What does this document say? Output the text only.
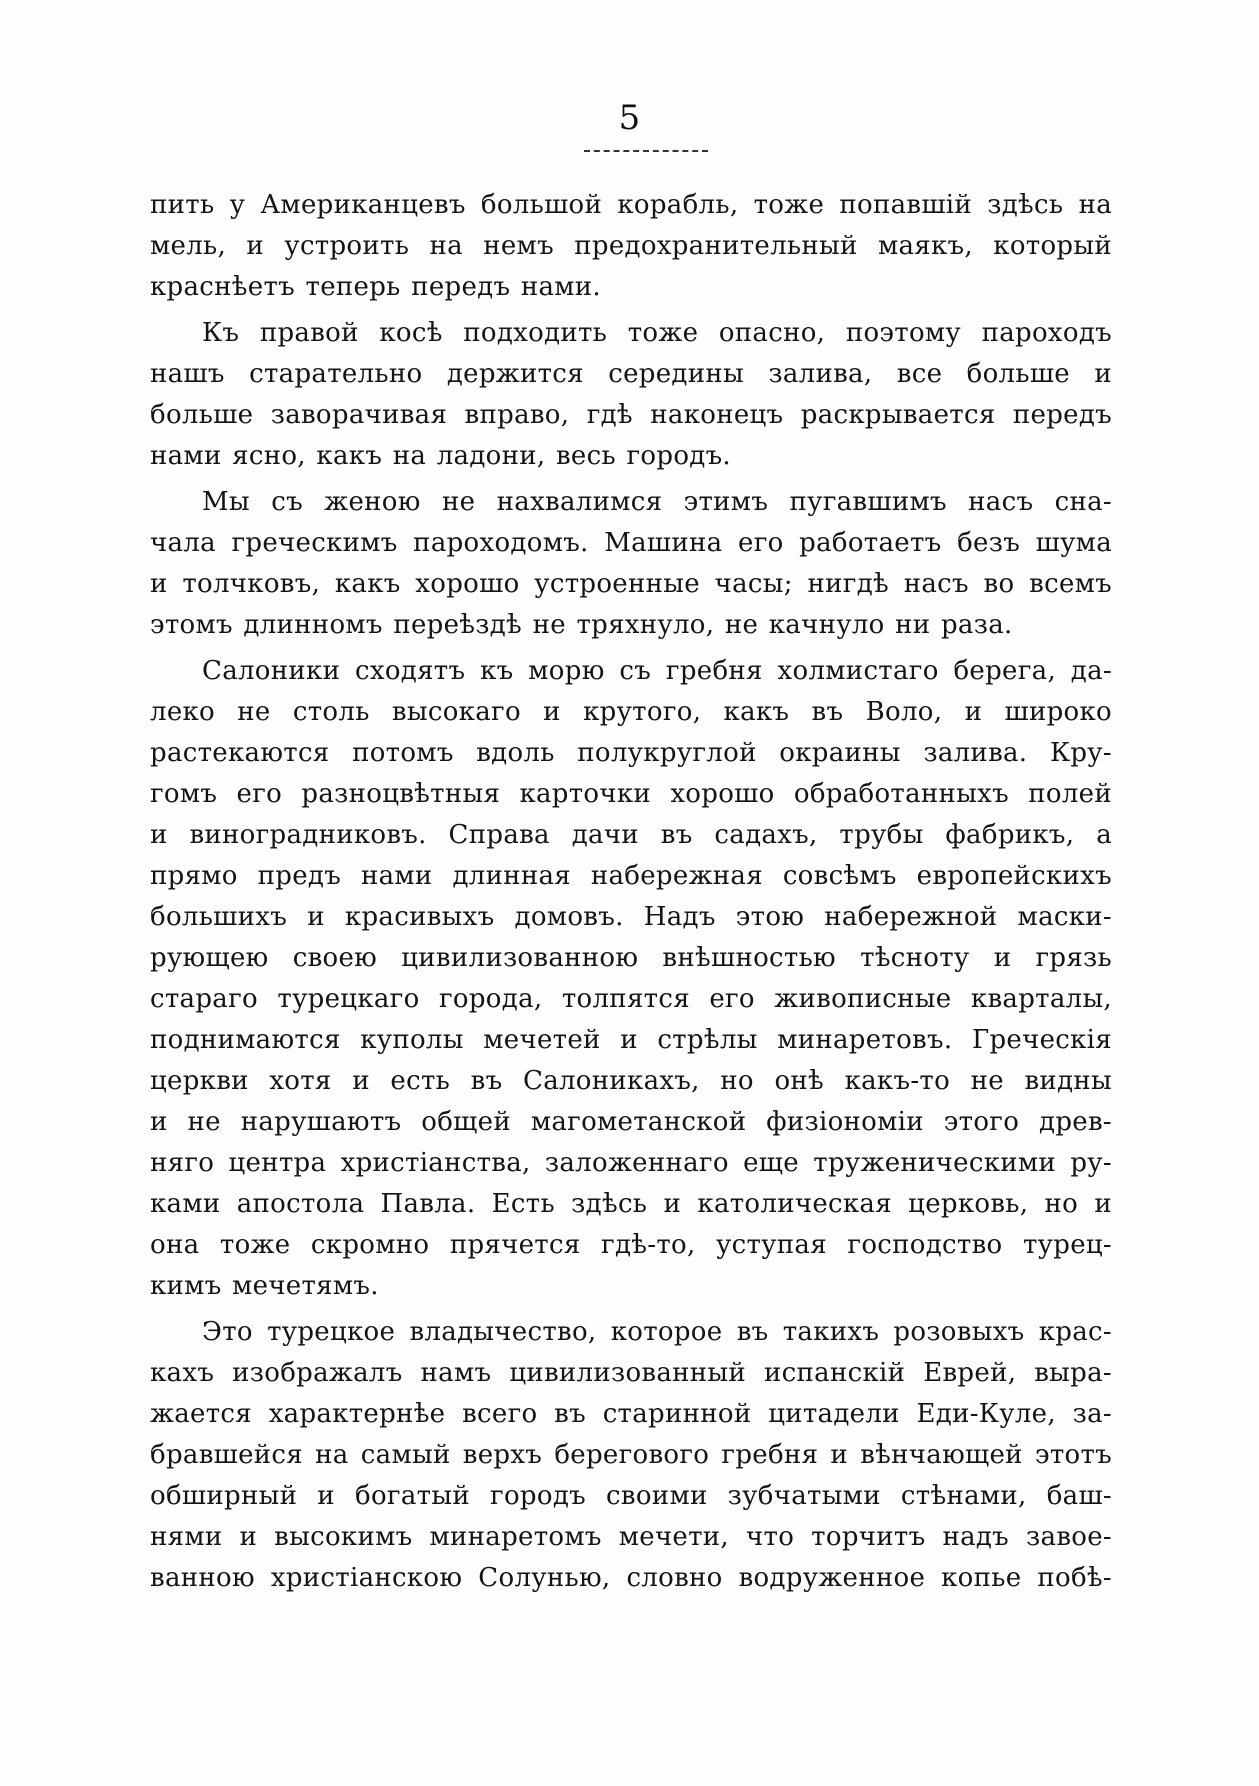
5
пить у Американцевъ большой корабль, тоже попавшій здѣсь на
мель, и устроить на немъ предохранительный маякъ, который
краснѣетъ теперь передъ нами.
Къ правой косѣ подходить тоже опасно, поэтому пароходъ
нашъ старательно держится середины залива, все больше и
больше заворачивая вправо, гдѣ наконецъ раскрывается передъ
нами ясно, какъ на ладони, весь городъ.
Мы съ женою не нахвалимся этимъ пугавшимъ насъ сна-
чала греческимъ пароходомъ. Машина его работаетъ безъ шума
и толчковъ, какъ хорошо устроенные часы; нигдѣ насъ во всемъ
этомъ длинномъ переѣздѣ не тряхнуло, не качнуло ни раза.
Салоники сходятъ къ морю съ гребня холмистаго берега, да-
леко не столь высокаго и крутого, какъ въ Воло, и широко
растекаются потомъ вдоль полукруглой окраины залива. Кру-
гомъ его разноцвѣтныя карточки хорошо обработанныхъ полей
и виноградниковъ. Справа дачи въ садахъ, трубы фабрикъ, а
прямо предъ нами длинная набережная совсѣмъ европейскихъ
большихъ и красивыхъ домовъ. Надъ этою набережной маски-
рующею своею цивилизованною внѣшностью тѣсноту и грязь
стараго турецкаго города, толпятся его живописные кварталы,
поднимаются куполы мечетей и стрѣлы минаретовъ. Греческія
церкви хотя и есть въ Салоникахъ, но онѣ какъ-то не видны
и не нарушаютъ общей магометанской физіономіи этого древ-
няго центра христіанства, заложеннаго еще труженическими ру-
ками апостола Павла. Есть здѣсь и католическая церковь, но и
она тоже скромно прячется гдѣ-то, уступая господство турец-
кимъ мечетямъ.
Это турецкое владычество, которое въ такихъ розовыхъ крас-
кахъ изображалъ намъ цивилизованный испанскій Еврей, выра-
жается характернѣе всего въ старинной цитадели Еди-Куле, за-
бравшейся на самый верхъ берегового гребня и вѣнчающей этотъ
обширный и богатый городъ своими зубчатыми стѣнами, баш-
нями и высокимъ минаретомъ мечети, что торчитъ надъ завое-
ванною христіанскою Солунью, словно водруженное копье побѣ-
